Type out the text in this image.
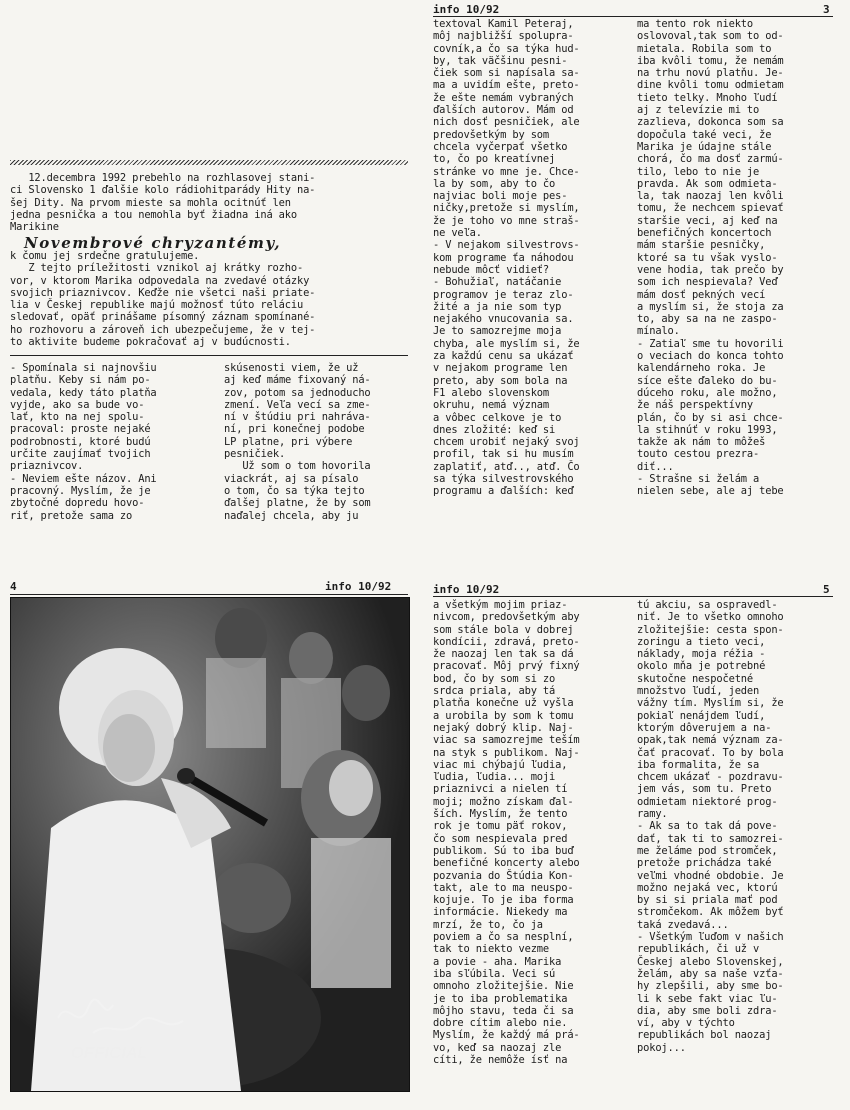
12.decembra 1992 prebehlo na rozhlasovej stani-
ci Slovensko 1 ďalšie kolo rádiohitparády Hity na-
šej Dity. Na prvom mieste sa mohla ocitnúť len
jedna pesnička a tou nemohla byť žiadna iná ako
Marikine
Novembrové chryzantémy,
k čomu jej srdečne gratulujeme.
Z tejto príležitosti vznikol aj krátky rozho-
vor, v ktorom Marika odpovedala na zvedavé otázky
svojich priaznivcov. Keďže nie všetci naši priate-
lia v Českej republike majú možnosť túto reláciu
sledovať, opäť prinášame písomný záznam spomínané-
ho rozhovoru a zároveň ich ubezpečujeme, že v tej-
to aktivite budeme pokračovať aj v budúcnosti.
- Spomínala si najnovšiu
platňu. Keby si nám po-
vedala, kedy táto platňa
vyjde, ako sa bude vo-
lať, kto na nej spolu-
pracoval: proste nejaké
podrobnosti, ktoré budú
určite zaujímať tvojich
priaznivcov.
- Neviem ešte názov. Ani
pracovný. Myslím, že je
zbytočné dopredu hovo-
riť, pretože sama zo
skúsenosti viem, že už
aj keď máme fixovaný ná-
zov, potom sa jednoducho
zmení. Veľa vecí sa zme-
ní v štúdiu pri nahráva-
ní, pri konečnej podobe
LP platne, pri výbere
pesničiek.
Už som o tom hovorila
viackrát, aj sa písalo
o tom, čo sa týka tejto
ďalšej platne, že by som
naďalej chcela, aby ju
info 10/92	3
textoval Kamil Peteraj,
môj najbližší spolupra-
covník,a čo sa týka hud-
by, tak väčšinu pesni-
čiek som si napísala sa-
ma a uvidím ešte, preto-
že ešte nemám vybraných
ďalších autorov. Mám od
nich dosť pesničiek, ale
predovšetkým by som
chcela vyčerpať všetko
to, čo po kreatívnej
stránke vo mne je. Chce-
la by som, aby to čo
najviac boli moje pes-
ničky,pretože si myslím,
že je toho vo mne straš-
ne veľa.
- V nejakom silvestrovs-
kom programe ťa náhodou
nebude môcť vidieť?
- Bohužiaľ, natáčanie
programov je teraz zlo-
žité a ja nie som typ
nejakého vnucovania sa.
Je to samozrejme moja
chyba, ale myslím si, že
za každú cenu sa ukázať
v nejakom programe len
preto, aby som bola na
F1 alebo slovenskom
okruhu, nemá význam
a vôbec celkove je to
dnes zložité: keď si
chcem urobiť nejaký svoj
profil, tak si hu musím
zaplatiť, atď.., atď. Čo
sa týka silvestrovského
programu a ďalších: keď
ma tento rok niekto
oslovoval,tak som to od-
mietala. Robila som to
iba kvôli tomu, že nemám
na trhu novú platňu. Je-
dine kvôli tomu odmietam
tieto telky. Mnoho ľudí
aj z televízie mi to
zazlieva, dokonca som sa
dopočula také veci, že
Marika je údajne stále
chorá, čo ma dosť zarmú-
tilo, lebo to nie je
pravda. Ak som odmieta-
la, tak naozaj len kvôli
tomu, že nechcem spievať
staršie veci, aj keď na
benefičných koncertoch
mám staršie pesničky,
ktoré sa tu však vyslo-
vene hodia, tak prečo by
som ich nespievala? Veď
mám dosť pekných vecí
a myslím si, že stoja za
to, aby sa na ne zaspo-
mínalo.
- Zatiaľ sme tu hovorili
o veciach do konca tohto
kalendárneho roka. Je
síce ešte ďaleko do bu-
dúceho roku, ale možno,
že náš perspektívny
plán, čo by si asi chce-
la stihnúť v roku 1993,
takže ak nám to môžeš
touto cestou prezra-
diť...
- Strašne si želám a
nielen sebe, ale aj tebe
4	info 10/92
OFFICIAL
info 10/92	5
a všetkým mojim priaz-
nivcom, predovšetkým aby
som stále bola v dobrej
kondícii, zdravá, preto-
že naozaj len tak sa dá
pracovať. Môj prvý fixný
bod, čo by som si zo
srdca priala, aby tá
platňa konečne už vyšla
a urobila by som k tomu
nejaký dobrý klip. Naj-
viac sa samozrejme teším
na styk s publikom. Naj-
viac mi chýbajú ľudia,
ľudia, ľudia... moji
priaznivci a nielen tí
moji; možno získam ďal-
ších. Myslím, že tento
rok je tomu päť rokov,
čo som nespievala pred
publikom. Sú to iba buď
benefičné koncerty alebo
pozvania do Štúdia Kon-
takt, ale to ma neuspo-
kojuje. To je iba forma
informácie. Niekedy ma
mrzí, že to, čo ja
poviem a čo sa nesplní,
tak to niekto vezme
a povie - aha. Marika
iba sľúbila. Veci sú
omnoho zložitejšie. Nie
je to iba problematika
môjho stavu, teda či sa
dobre cítim alebo nie.
Myslím, že každý má prá-
vo, keď sa naozaj zle
cíti, že nemôže ísť na
tú akciu, sa ospravedl-
niť. Je to všetko omnoho
zložitejšie: cesta spon-
zoringu a tieto veci,
náklady, moja réžia -
okolo mňa je potrebné
skutočne nespočetné
množstvo ľudí, jeden
vážny tím. Myslím si, že
pokiaľ nenájdem ľudí,
ktorým dôverujem a na-
opak,tak nemá význam za-
čať pracovať. To by bola
iba formalita, že sa
chcem ukázať - pozdravu-
jem vás, som tu. Preto
odmietam niektoré prog-
ramy.
- Ak sa to tak dá pove-
dať, tak ti to samozrei-
me želáme pod stromček,
pretože prichádza také
veľmi vhodné obdobie. Je
možno nejaká vec, ktorú
by si si priala mať pod
stromčekom. Ak môžem byť
taká zvedavá...
- Všetkým ľuďom v našich
republikách, či už v
Českej alebo Slovenskej,
želám, aby sa naše vzťa-
hy zlepšili, aby sme bo-
li k sebe fakt viac ľu-
dia, aby sme boli zdra-
ví, aby v týchto
republikách bol naozaj
pokoj...
